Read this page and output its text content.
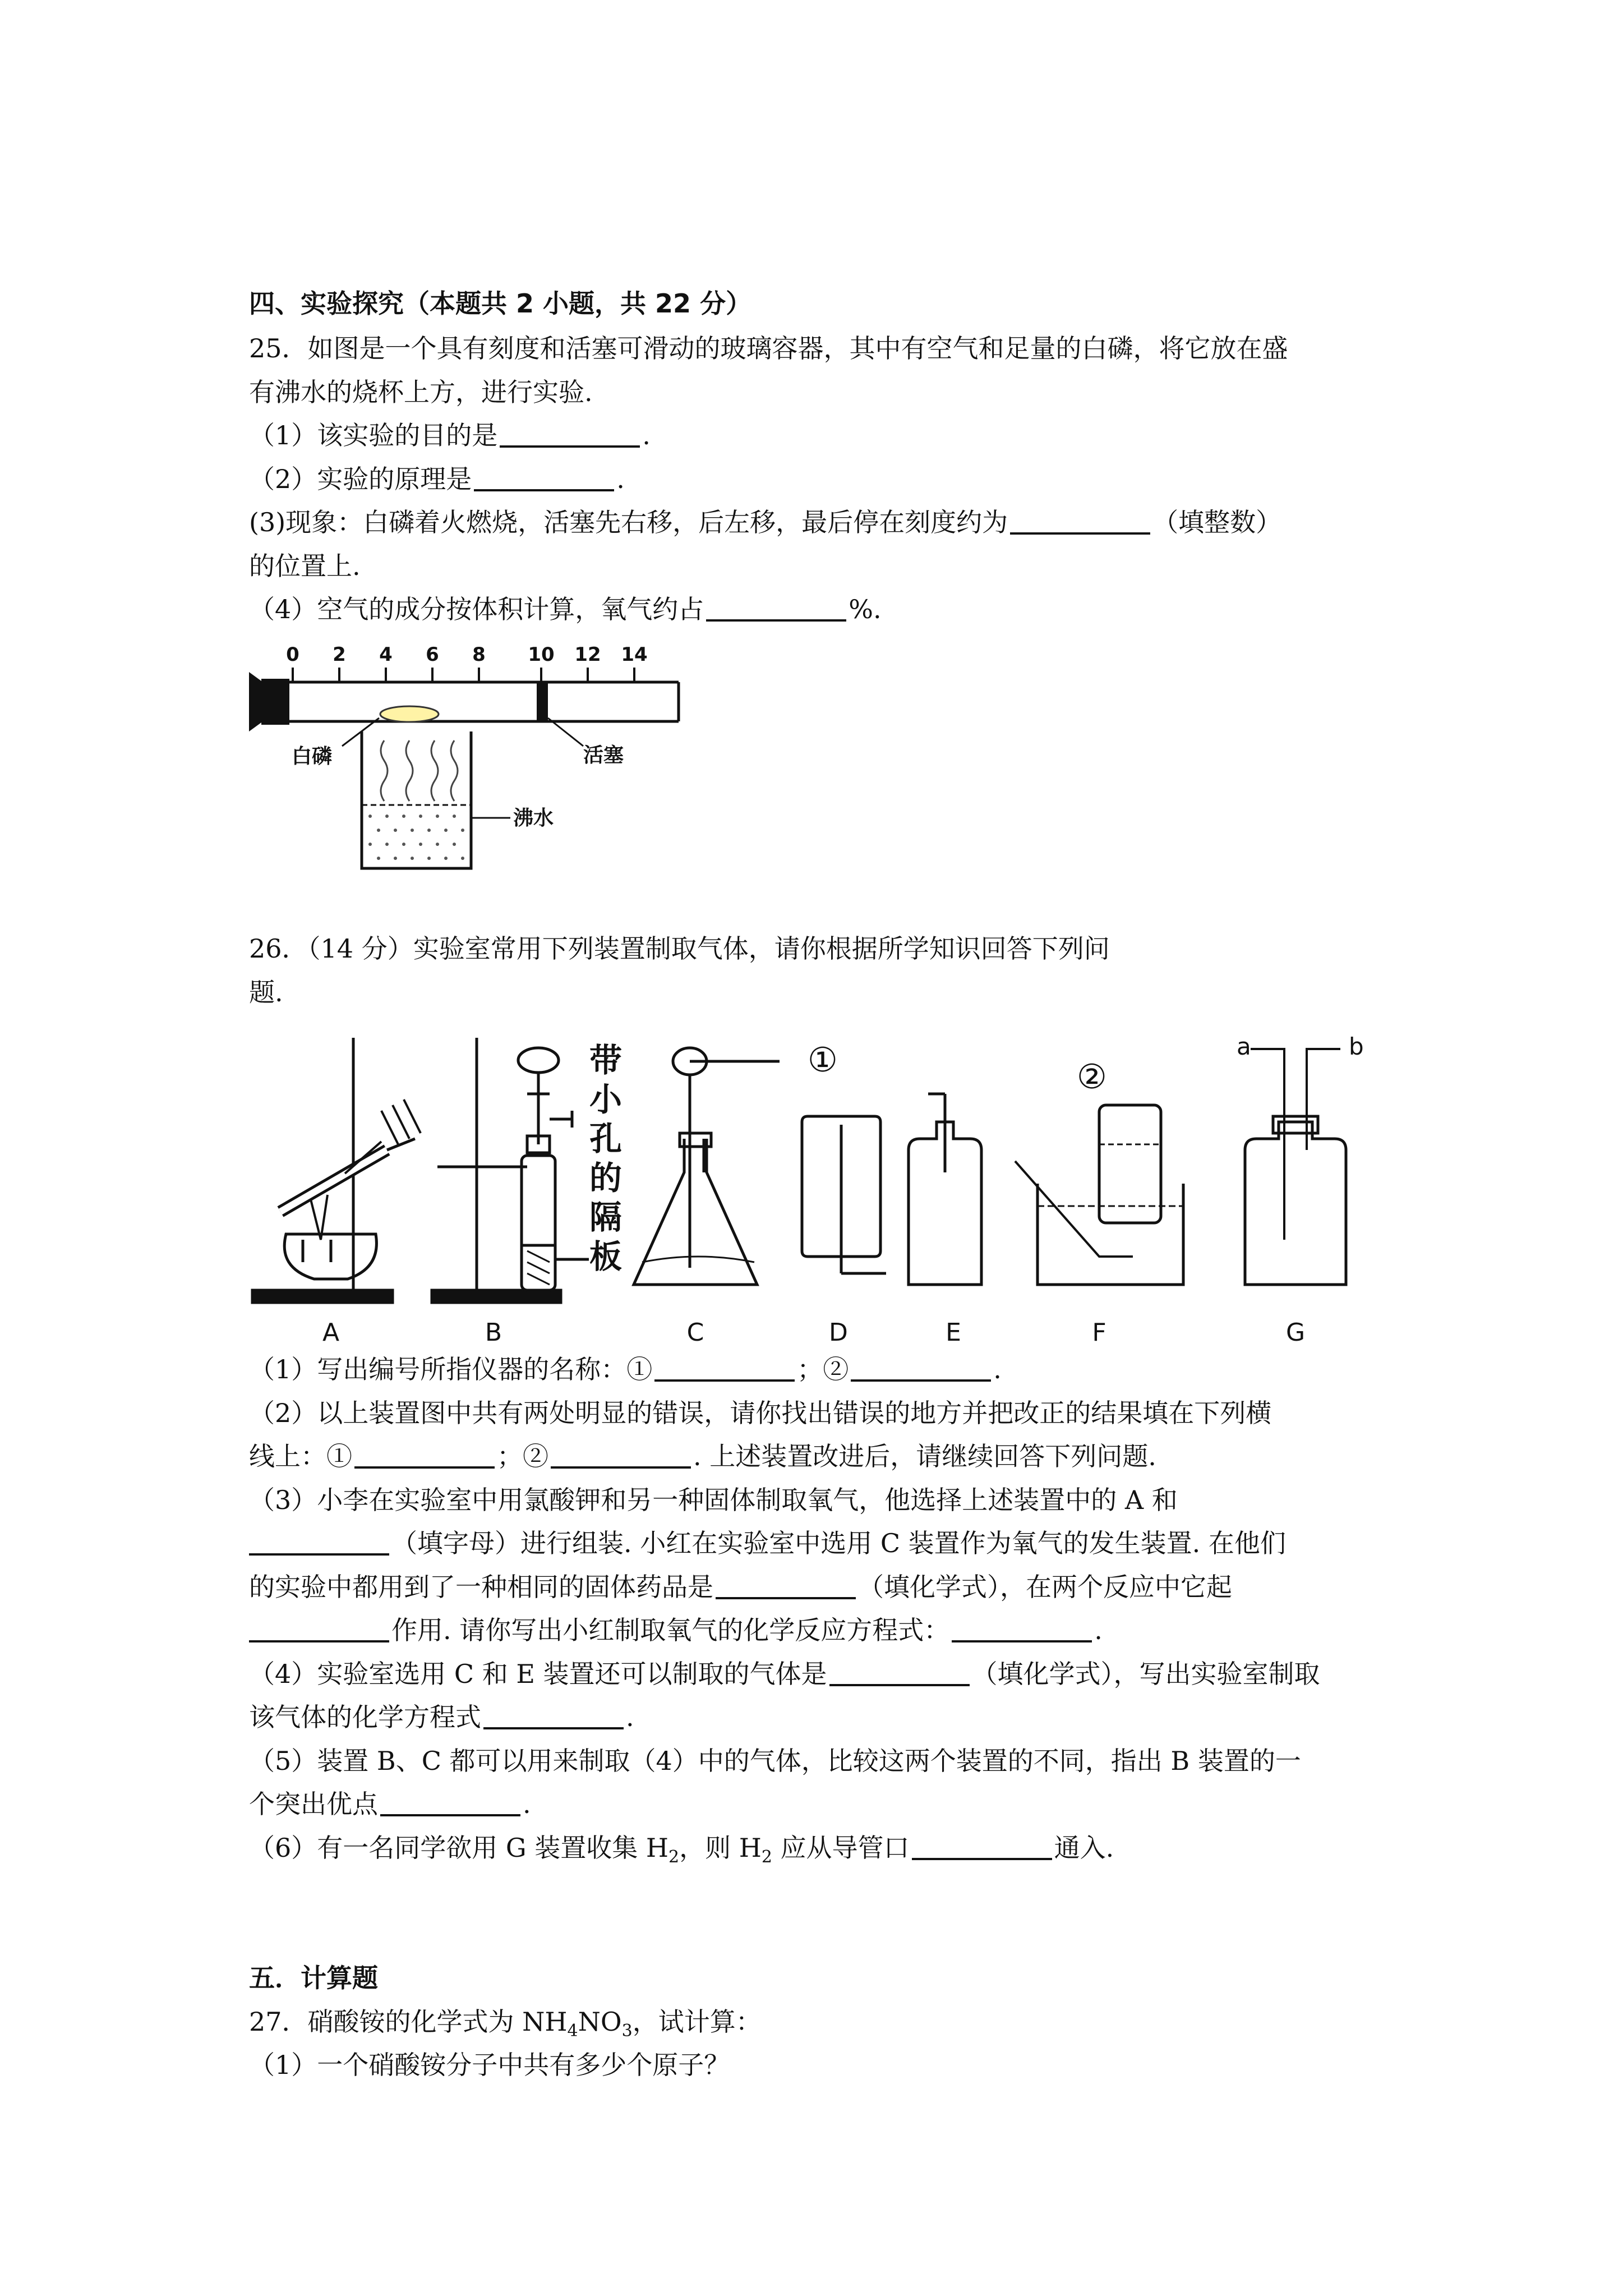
四、实验探究（本题共 2 小题，共 22 分）

25．如图是一个具有刻度和活塞可滑动的玻璃容器，其中有空气和足量的白磷，将它放在盛

有沸水的烧杯上方，进行实验.

（1）该实验的目的是	.

（2）实验的原理是	.

(3)现象：白磷着火燃烧，活塞先右移，后左移，最后停在刻度约为	（填整数）

的位置上.

（4）空气的成分按体积计算，氧气约占	%.

0 2 4 6 8 10 12 14
白磷	活塞
沸水

26．（14 分）实验室常用下列装置制取气体，请你根据所学知识回答下列问

题.

带
小
孔
的
隔
板
①	②
a	b
A	B	C	D	E	F	G

（1）写出编号所指仪器的名称：①	；②	.

（2）以上装置图中共有两处明显的错误，请你找出错误的地方并把改正的结果填在下列横

线上：①	；②	. 上述装置改进后，请继续回答下列问题.

（3）小李在实验室中用氯酸钾和另一种固体制取氧气，他选择上述装置中的 A 和

（填字母）进行组装. 小红在实验室中选用 C 装置作为氧气的发生装置. 在他们

的实验中都用到了一种相同的固体药品是	（填化学式），在两个反应中它起

作用. 请你写出小红制取氧气的化学反应方程式：	.

（4）实验室选用 C 和 E 装置还可以制取的气体是	（填化学式），写出实验室制取

该气体的化学方程式	.

（5）装置 B、C 都可以用来制取（4）中的气体，比较这两个装置的不同，指出 B 装置的一

个突出优点	.

（6）有一名同学欲用 G 装置收集 $H_2$，则 $H_2$ 应从导管口	通入.

五．计算题

27．硝酸铵的化学式为 $NH_4NO_3$，试计算：

（1）一个硝酸铵分子中共有多少个原子？
